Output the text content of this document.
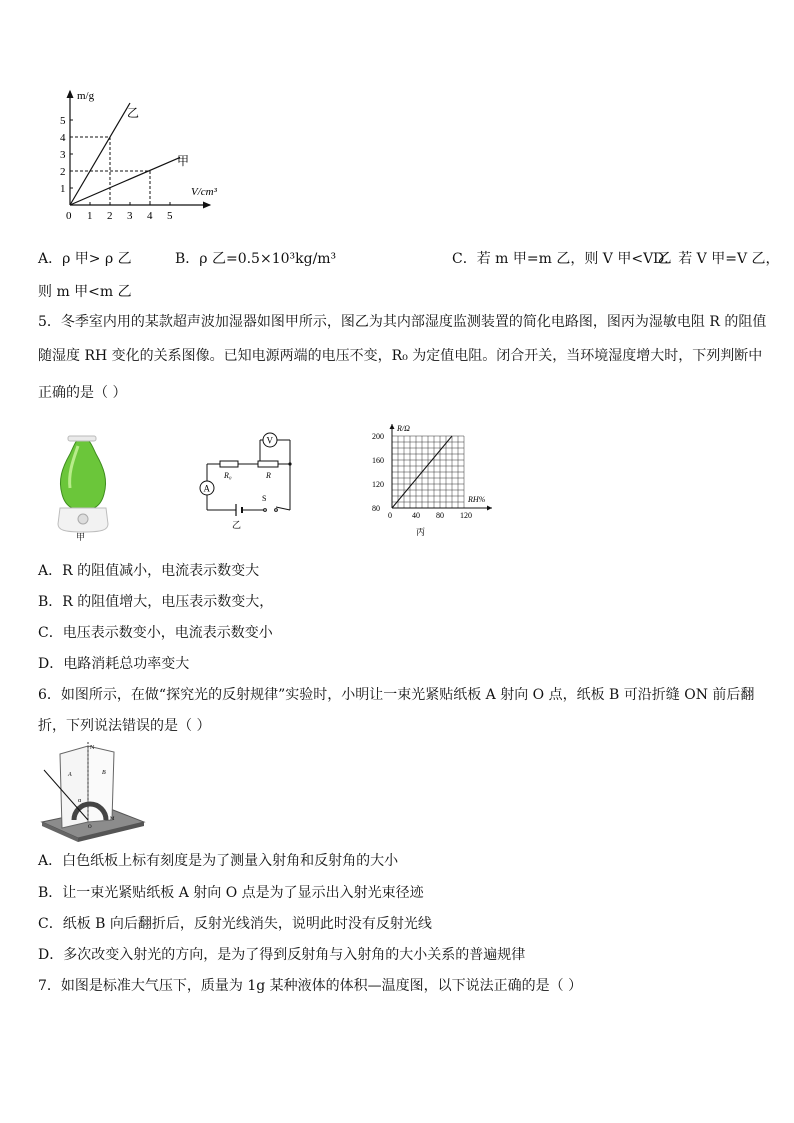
m/g
V/cm³
1
2
3
4
5
0 1 2 3 4 5
乙
甲
A．ρ 甲> ρ 乙	B．ρ 乙=0.5×10³kg/m³	C．若 m 甲=m 乙，则 V 甲<V 乙
D．若 V 甲=V 乙，
则 m 甲<m 乙
5．冬季室内用的某款超声波加湿器如图甲所示，图乙为其内部湿度监测装置的简化电路图，图丙为湿敏电阻 R 的阻值
随湿度 RH 变化的关系图像。已知电源两端的电压不变，R₀ 为定值电阻。闭合开关，当环境湿度增大时，下列判断中
正确的是（ ）
甲
V
R₀	R
A
S
乙
R/Ω
RH%
200
160
120
80
0	40 80 120
丙
A．R 的阻值减小，电流表示数变大
B．R 的阻值增大，电压表示数变大，
C．电压表示数变小，电流表示数变小
D．电路消耗总功率变大
6．如图所示，在做“探究光的反射规律”实验时，小明让一束光紧贴纸板 A 射向 O 点，纸板 B 可沿折缝 ON 前后翻
折，下列说法错误的是（ ）
N
A	B
α
O
M
A．白色纸板上标有刻度是为了测量入射角和反射角的大小
B．让一束光紧贴纸板 A 射向 O 点是为了显示出入射光束径迹
C．纸板 B 向后翻折后，反射光线消失，说明此时没有反射光线
D．多次改变入射光的方向，是为了得到反射角与入射角的大小关系的普遍规律
7．如图是标准大气压下，质量为 1g 某种液体的体积—温度图，以下说法正确的是（ ）
